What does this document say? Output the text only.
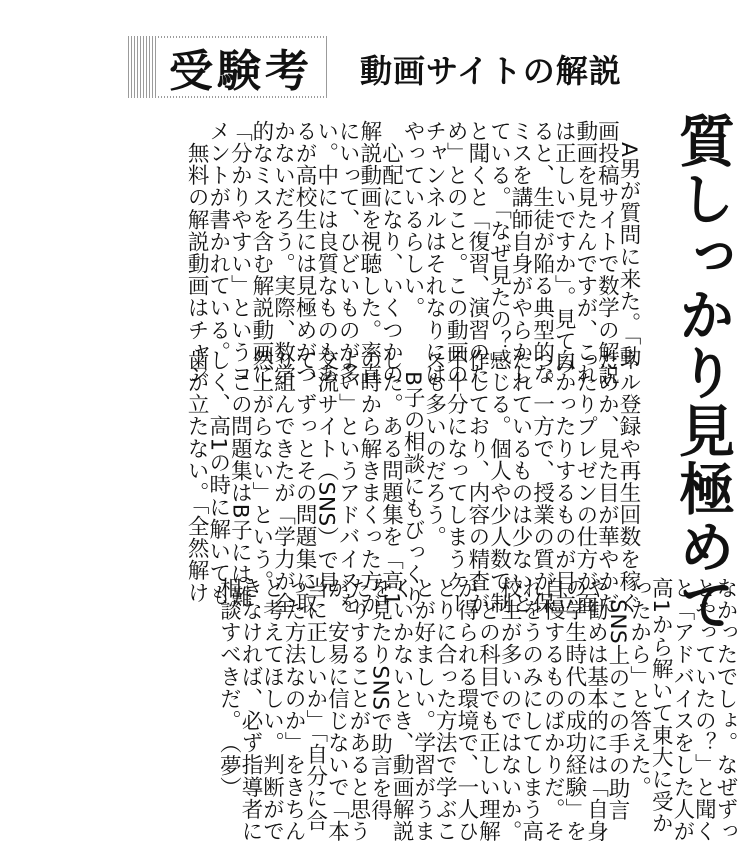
受験考 動画サイトの解説
質しっかり見極めて
　A男が質問に来た。「動
画投稿サイトで数学の解説
動画を見たんですが、これ
は正しいですか」。見てみ
ると、生徒が陥る典型的な
ミスを講師自身がやらかし
ている。「なぜ見たの？」
と聞くと「復習、演習のた
め」とのこと。この動画の
チャンネルはそれなりには
やっているらしい。
　心配になり、いくつかの
解説動画を視聴した。率直
にいって、ひどいものが多
い。中には良質なものもあ
るが高校生には見極めがつ
かないだろう。実際、数学
的なミスを含む解説動画に
「分かりやすい」というコ
メントが書かれている。
　無料の解説動画はチャン
ネル登録や再生回数を稼ぐ
ためか、見た目が華やかだ
ったりプレゼンの仕方が面
白かったりするものが目立
つ。一方で、授業の質が保
たれているものは少ないと
感じる。個人や少人数で制
作しており、内容の精査が
不十分になってしまうケー
スも多いのだろう。
　B子の相談にもびっくり
した。ある問題集を「高1
の時から解きまくった方が
よい」というアドバイスを
交流サイト（SNS）で見
て、ずっとその問題集に取
り組んできたが「学力が全
然上がらない」という。
　この問題集はB子には難
しく、高1の時に解いても
歯が立たない。「全然解け
なかったでしょ。なぜずっ
とやっていたの？」と聞く
と「アドバイスをした人が
高1から解いて東大に受か
ったから」と答えた。
　SNS上のこの手の助言
や勧めは基本的には「自身
の学生時代の成功経験」を
自慢するものばかりだ。そ
れをうのみにしてしまう高
校生が多いのではないか。
　どの科目でも正しい理解
が得られる環境で、一人ひ
とりに合った方法で学ぶこ
とが好ましい。学習がうま
くいかないとき、動画解説
を見たりSNSで助言を得
たりすることがあると思う
が、安易に信じないで「本
当に正しいか」「自分に合
った方法なのか」をきちん
と考えてほしい。判断がで
きなければ、必ず指導者に
相談すべきだ。　（夢）
